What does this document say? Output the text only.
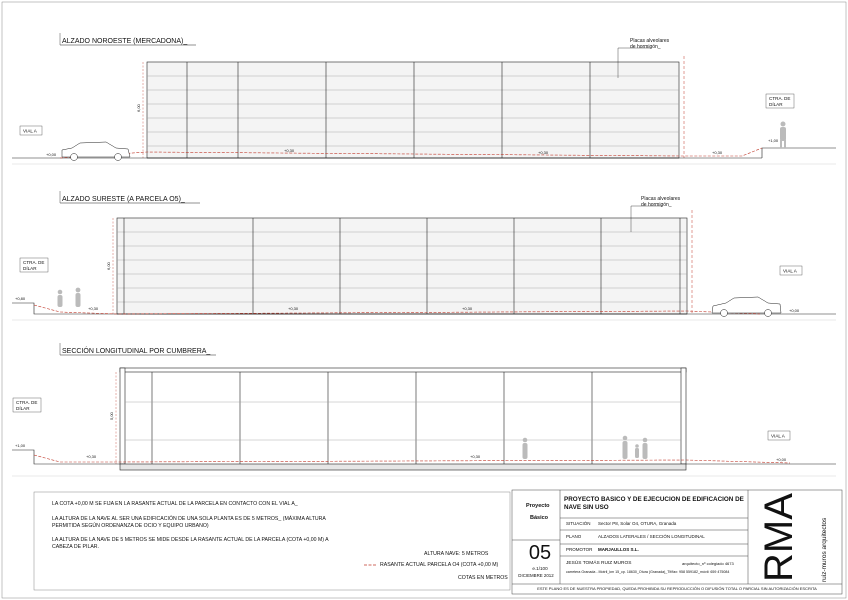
ALZADO NOROESTE (MERCADONA)_	Placas alveolares
de hormigón_
6,00
VIAL A
CTRA. DE
DÍLAR
+0,00
+0,30	+0,30	+0,30
+1,00
ALZADO SURESTE (A PARCELA O5)_	Placas alveolares
de hormigón_
6,00
CTRA. DE
DÍLAR	VIAL A
+0,80
+0,30	+0,30	+0,30	+0,00
SECCIÓN LONGITUDINAL POR CUMBRERA_
5,00
CTRA. DE
DÍLAR
VIAL A
+1,00
+0,30	+0,30
+0,00
RMA	ruiz-muros arquitectos
LA COTA +0,00 M SE FIJA EN LA RASANTE ACTUAL DE LA PARCELA EN CONTACTO CON EL VIAL A_
LA ALTURA DE LA NAVE AL SER UNA EDIFICACIÓN DE UNA SOLA PLANTA ES DE 5 METROS_ (MÁXIMA ALTURA PERMITIDA SEGÚN ORDENANZA DE OCIO Y EQUIPO URBANO)
LA ALTURA DE LA NAVE DE 5 METROS SE MIDE DESDE LA RASANTE ACTUAL DE LA PARCELA (COTA +0,00 M) A CABEZA DE PILAR.
ALTURA NAVE: 5 METROS
RASANTE ACTUAL PARCELA O4 (COTA +0,00 M)
COTAS EN METROS
Proyecto
Básico
PROYECTO BASICO Y DE EJECUCION DE EDIFICACION DE NAVE SIN USO
SITUACIÓN Sector P8, Solar O4, OTURA, Granada
PLANO	ALZADOS LATERALES / SECCIÓN LONGITUDINAL
PROMOTOR MARJAULLOS S.L.
05
e.1/100
DICIEMBRE 2012
JESÚS TOMÁS RUIZ MUROS	arquitecto_nº colegiado 4673
carretera Granada - Motril_km 15_cp. 18630_Otura (Granada)_Tlf/fax: 958 559182_móvil: 659 475084
ESTE PLANO ES DE NUESTRA PROPIEDAD, QUEDA PROHIBIDA SU REPRODUCCIÓN O DIFUSIÓN TOTAL O PARCIAL SIN AUTORIZACIÓN ESCRITA
